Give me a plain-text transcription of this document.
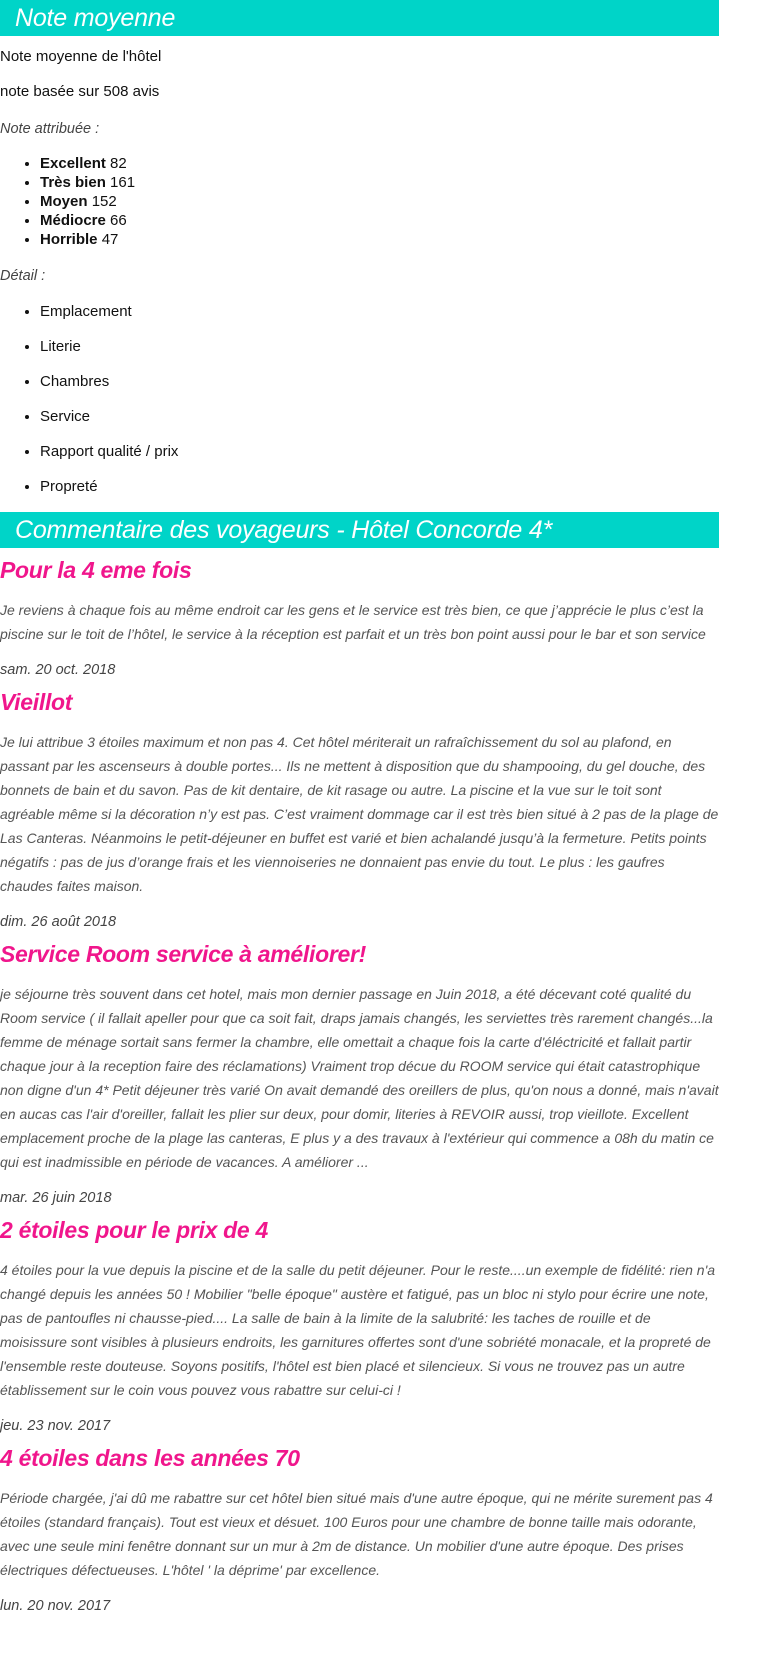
Note moyenne

Note moyenne de l'hôtel

note basée sur 508 avis

Note attribuée :

• Excellent 82
• Très bien 161
• Moyen 152
• Médiocre 66
• Horrible 47

Détail :

• Emplacement
• Literie
• Chambres
• Service
• Rapport qualité / prix
• Propreté
Commentaire des voyageurs - Hôtel Concorde 4*
Pour la 4 eme fois

Je reviens à chaque fois au même endroit car les gens et le service est très bien, ce que j’apprécie le plus c’est la piscine sur le toit de l’hôtel, le service à la réception est parfait et un très bon point aussi pour le bar et son service

sam. 20 oct. 2018

Vieillot

Je lui attribue 3 étoiles maximum et non pas 4. Cet hôtel mériterait un rafraîchissement du sol au plafond, en passant par les ascenseurs à double portes... Ils ne mettent à disposition que du shampooing, du gel douche, des bonnets de bain et du savon. Pas de kit dentaire, de kit rasage ou autre. La piscine et la vue sur le toit sont agréable même si la décoration n’y est pas. C’est vraiment dommage car il est très bien situé à 2 pas de la plage de Las Canteras. Néanmoins le petit-déjeuner en buffet est varié et bien achalandé jusqu’à la fermeture. Petits points négatifs : pas de jus d’orange frais et les viennoiseries ne donnaient pas envie du tout. Le plus : les gaufres chaudes faites maison.

dim. 26 août 2018

Service Room service à améliorer!

je séjourne très souvent dans cet hotel, mais mon dernier passage en Juin 2018, a été décevant coté qualité du Room service ( il fallait apeller pour que ca soit fait, draps jamais changés, les serviettes très rarement changés...la femme de ménage sortait sans fermer la chambre, elle omettait a chaque fois la carte d'éléctricité et fallait partir chaque jour à la reception faire des réclamations) Vraiment trop décue du ROOM service qui était catastrophique non digne d'un 4* Petit déjeuner très varié On avait demandé des oreillers de plus, qu'on nous a donné, mais n'avait en aucas cas l'air d'oreiller, fallait les plier sur deux, pour domir, literies à REVOIR aussi, trop vieillote. Excellent emplacement proche de la plage las canteras, E plus y a des travaux à l'extérieur qui commence a 08h du matin ce qui est inadmissible en période de vacances. A améliorer ...

mar. 26 juin 2018

2 étoiles pour le prix de 4

4 étoiles pour la vue depuis la piscine et de la salle du petit déjeuner. Pour le reste....un exemple de fidélité: rien n'a changé depuis les années 50 ! Mobilier "belle époque" austère et fatigué, pas un bloc ni stylo pour écrire une note, pas de pantoufles ni chausse-pied.... La salle de bain à la limite de la salubrité: les taches de rouille et de moisissure sont visibles à plusieurs endroits, les garnitures offertes sont d'une sobriété monacale, et la propreté de l'ensemble reste douteuse. Soyons positifs, l'hôtel est bien placé et silencieux. Si vous ne trouvez pas un autre établissement sur le coin vous pouvez vous rabattre sur celui-ci !

jeu. 23 nov. 2017

4 étoiles dans les années 70

Période chargée, j'ai dû me rabattre sur cet hôtel bien situé mais d'une autre époque, qui ne mérite surement pas 4 étoiles (standard français). Tout est vieux et désuet. 100 Euros pour une chambre de bonne taille mais odorante, avec une seule mini fenêtre donnant sur un mur à 2m de distance. Un mobilier d'une autre époque. Des prises électriques défectueuses. L'hôtel ' la déprime' par excellence.

lun. 20 nov. 2017
